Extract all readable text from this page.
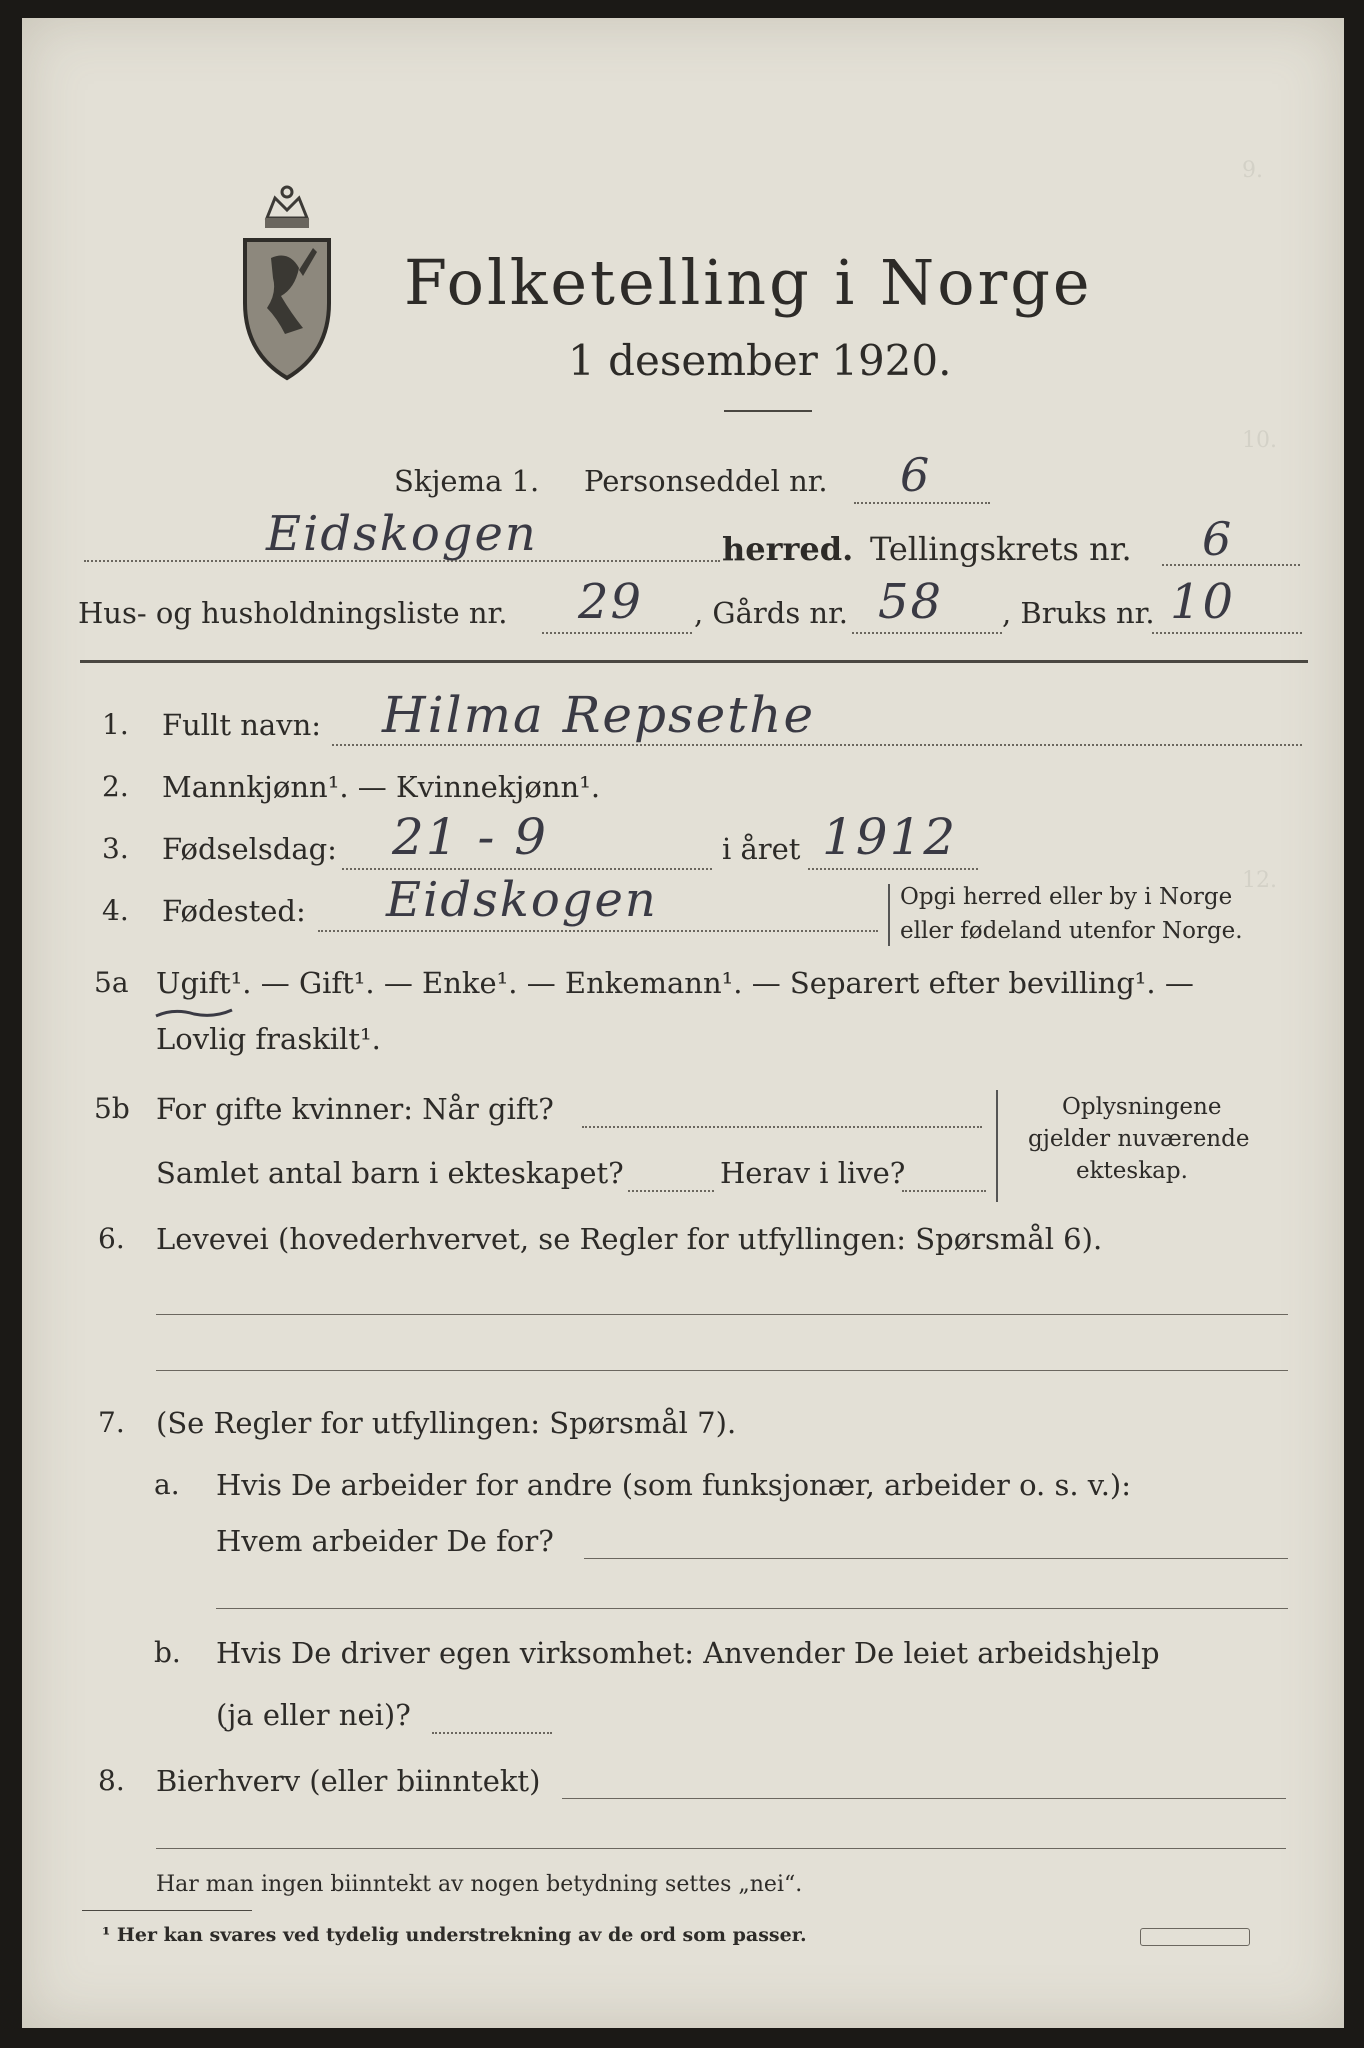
9.
10.
12.
Folketelling i Norge
1 desember 1920.
Skjema 1. Personseddel nr. 6
Eidskogen	herred. Tellingskrets nr. 6
Hus- og husholdningsliste nr. 29 , Gårds nr. 58 , Bruks nr. 10
1. Fullt navn: Hilma Repsethe
2. Mannkjønn¹. — Kvinnekjønn¹.
3. Fødselsdag: 21 - 9	i året 1912
4. Fødested: Eidskogen	Opgi herred eller by i Norge
eller fødeland utenfor Norge.
5a Ugift¹. — Gift¹. — Enke¹. — Enkemann¹. — Separert efter bevilling¹. —
Lovlig fraskilt¹.
5b For gifte kvinner: Når gift?
Samlet antal barn i ekteskapet?	Herav i live?
Oplysningene
gjelder nuværende
ekteskap.
6. Levevei (hovederhvervet, se Regler for utfyllingen: Spørsmål 6).
7. (Se Regler for utfyllingen: Spørsmål 7).
a. Hvis De arbeider for andre (som funksjonær, arbeider o. s. v.):
Hvem arbeider De for?
b. Hvis De driver egen virksomhet: Anvender De leiet arbeidshjelp
(ja eller nei)?
8. Bierhverv (eller biinntekt)
Har man ingen biinntekt av nogen betydning settes „nei“.
¹ Her kan svares ved tydelig understrekning av de ord som passer.
